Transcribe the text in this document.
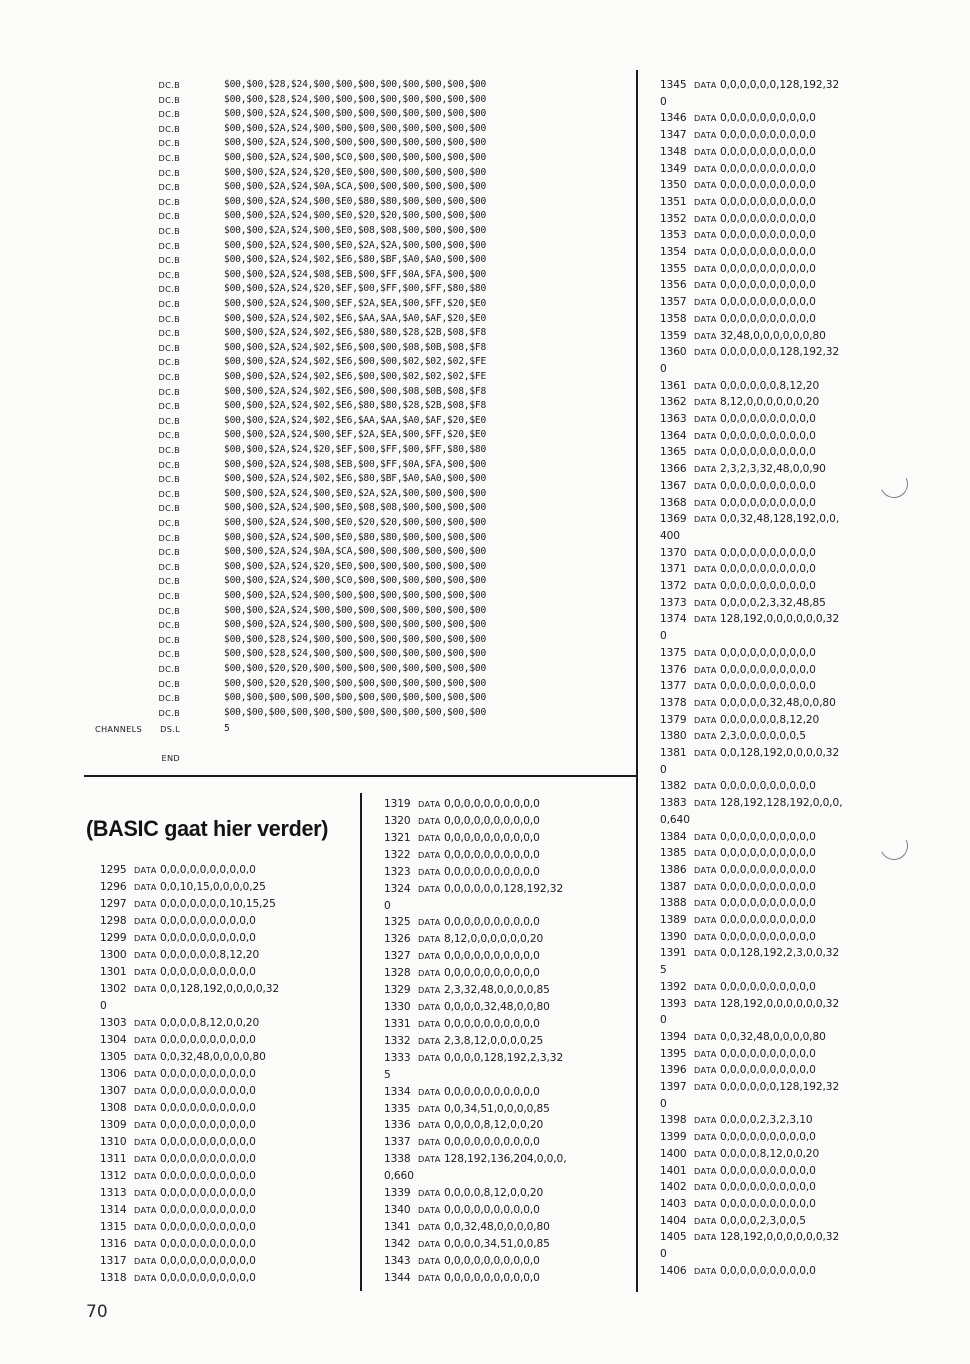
DC.B	$00,$00,$28,$24,$00,$00,$00,$00,$00,$00,$00,$00
DC.B	$00,$00,$28,$24,$00,$00,$00,$00,$00,$00,$00,$00
DC.B	$00,$00,$2A,$24,$00,$00,$00,$00,$00,$00,$00,$00
DC.B	$00,$00,$2A,$24,$00,$00,$00,$00,$00,$00,$00,$00
DC.B	$00,$00,$2A,$24,$00,$00,$00,$00,$00,$00,$00,$00
DC.B	$00,$00,$2A,$24,$00,$C0,$00,$00,$00,$00,$00,$00
DC.B	$00,$00,$2A,$24,$20,$E0,$00,$00,$00,$00,$00,$00
DC.B	$00,$00,$2A,$24,$0A,$CA,$00,$00,$00,$00,$00,$00
DC.B	$00,$00,$2A,$24,$00,$E0,$80,$80,$00,$00,$00,$00
DC.B	$00,$00,$2A,$24,$00,$E0,$20,$20,$00,$00,$00,$00
DC.B	$00,$00,$2A,$24,$00,$E0,$08,$08,$00,$00,$00,$00
DC.B	$00,$00,$2A,$24,$00,$E0,$2A,$2A,$00,$00,$00,$00
DC.B	$00,$00,$2A,$24,$02,$E6,$80,$BF,$A0,$A0,$00,$00
DC.B	$00,$00,$2A,$24,$08,$EB,$00,$FF,$0A,$FA,$00,$00
DC.B	$00,$00,$2A,$24,$20,$EF,$00,$FF,$00,$FF,$80,$80
DC.B	$00,$00,$2A,$24,$00,$EF,$2A,$EA,$00,$FF,$20,$E0
DC.B	$00,$00,$2A,$24,$02,$E6,$AA,$AA,$A0,$AF,$20,$E0
DC.B	$00,$00,$2A,$24,$02,$E6,$80,$80,$28,$2B,$08,$F8
DC.B	$00,$00,$2A,$24,$02,$E6,$00,$00,$08,$0B,$08,$F8
DC.B	$00,$00,$2A,$24,$02,$E6,$00,$00,$02,$02,$02,$FE
DC.B	$00,$00,$2A,$24,$02,$E6,$00,$00,$02,$02,$02,$FE
DC.B	$00,$00,$2A,$24,$02,$E6,$00,$00,$08,$0B,$08,$F8
DC.B	$00,$00,$2A,$24,$02,$E6,$80,$80,$28,$2B,$08,$F8
DC.B	$00,$00,$2A,$24,$02,$E6,$AA,$AA,$A0,$AF,$20,$E0
DC.B	$00,$00,$2A,$24,$00,$EF,$2A,$EA,$00,$FF,$20,$E0
DC.B	$00,$00,$2A,$24,$20,$EF,$00,$FF,$00,$FF,$80,$80
DC.B	$00,$00,$2A,$24,$08,$EB,$00,$FF,$0A,$FA,$00,$00
DC.B	$00,$00,$2A,$24,$02,$E6,$80,$BF,$A0,$A0,$00,$00
DC.B	$00,$00,$2A,$24,$00,$E0,$2A,$2A,$00,$00,$00,$00
DC.B	$00,$00,$2A,$24,$00,$E0,$08,$08,$00,$00,$00,$00
DC.B	$00,$00,$2A,$24,$00,$E0,$20,$20,$00,$00,$00,$00
DC.B	$00,$00,$2A,$24,$00,$E0,$80,$80,$00,$00,$00,$00
DC.B	$00,$00,$2A,$24,$0A,$CA,$00,$00,$00,$00,$00,$00
DC.B	$00,$00,$2A,$24,$20,$E0,$00,$00,$00,$00,$00,$00
DC.B	$00,$00,$2A,$24,$00,$C0,$00,$00,$00,$00,$00,$00
DC.B	$00,$00,$2A,$24,$00,$00,$00,$00,$00,$00,$00,$00
DC.B	$00,$00,$2A,$24,$00,$00,$00,$00,$00,$00,$00,$00
DC.B	$00,$00,$2A,$24,$00,$00,$00,$00,$00,$00,$00,$00
DC.B	$00,$00,$28,$24,$00,$00,$00,$00,$00,$00,$00,$00
DC.B	$00,$00,$28,$24,$00,$00,$00,$00,$00,$00,$00,$00
DC.B	$00,$00,$20,$20,$00,$00,$00,$00,$00,$00,$00,$00
DC.B	$00,$00,$20,$20,$00,$00,$00,$00,$00,$00,$00,$00
DC.B	$00,$00,$00,$00,$00,$00,$00,$00,$00,$00,$00,$00
DC.B	$00,$00,$00,$00,$00,$00,$00,$00,$00,$00,$00,$00
CHANNELS	DS.L	5
END
(BASIC gaat hier verder)
70
1295 DATA 0,0,0,0,0,0,0,0,0,0
1296 DATA 0,0,10,15,0,0,0,0,25
1297 DATA 0,0,0,0,0,0,0,10,15,25
1298 DATA 0,0,0,0,0,0,0,0,0,0
1299 DATA 0,0,0,0,0,0,0,0,0,0
1300 DATA 0,0,0,0,0,0,8,12,20
1301 DATA 0,0,0,0,0,0,0,0,0,0
1302 DATA 0,0,128,192,0,0,0,0,32
0
1303 DATA 0,0,0,0,8,12,0,0,20
1304 DATA 0,0,0,0,0,0,0,0,0,0
1305 DATA 0,0,32,48,0,0,0,0,80
1306 DATA 0,0,0,0,0,0,0,0,0,0
1307 DATA 0,0,0,0,0,0,0,0,0,0
1308 DATA 0,0,0,0,0,0,0,0,0,0
1309 DATA 0,0,0,0,0,0,0,0,0,0
1310 DATA 0,0,0,0,0,0,0,0,0,0
1311 DATA 0,0,0,0,0,0,0,0,0,0
1312 DATA 0,0,0,0,0,0,0,0,0,0
1313 DATA 0,0,0,0,0,0,0,0,0,0
1314 DATA 0,0,0,0,0,0,0,0,0,0
1315 DATA 0,0,0,0,0,0,0,0,0,0
1316 DATA 0,0,0,0,0,0,0,0,0,0
1317 DATA 0,0,0,0,0,0,0,0,0,0
1318 DATA 0,0,0,0,0,0,0,0,0,0
1319 DATA 0,0,0,0,0,0,0,0,0,0
1320 DATA 0,0,0,0,0,0,0,0,0,0
1321 DATA 0,0,0,0,0,0,0,0,0,0
1322 DATA 0,0,0,0,0,0,0,0,0,0
1323 DATA 0,0,0,0,0,0,0,0,0,0
1324 DATA 0,0,0,0,0,0,128,192,32
0
1325 DATA 0,0,0,0,0,0,0,0,0,0
1326 DATA 8,12,0,0,0,0,0,0,20
1327 DATA 0,0,0,0,0,0,0,0,0,0
1328 DATA 0,0,0,0,0,0,0,0,0,0
1329 DATA 2,3,32,48,0,0,0,0,85
1330 DATA 0,0,0,0,32,48,0,0,80
1331 DATA 0,0,0,0,0,0,0,0,0,0
1332 DATA 2,3,8,12,0,0,0,0,25
1333 DATA 0,0,0,0,128,192,2,3,32
5
1334 DATA 0,0,0,0,0,0,0,0,0,0
1335 DATA 0,0,34,51,0,0,0,0,85
1336 DATA 0,0,0,0,8,12,0,0,20
1337 DATA 0,0,0,0,0,0,0,0,0,0
1338 DATA 128,192,136,204,0,0,0,
0,660
1339 DATA 0,0,0,0,8,12,0,0,20
1340 DATA 0,0,0,0,0,0,0,0,0,0
1341 DATA 0,0,32,48,0,0,0,0,80
1342 DATA 0,0,0,0,34,51,0,0,85
1343 DATA 0,0,0,0,0,0,0,0,0,0
1344 DATA 0,0,0,0,0,0,0,0,0,0
1345 DATA 0,0,0,0,0,0,128,192,32
0
1346 DATA 0,0,0,0,0,0,0,0,0,0
1347 DATA 0,0,0,0,0,0,0,0,0,0
1348 DATA 0,0,0,0,0,0,0,0,0,0
1349 DATA 0,0,0,0,0,0,0,0,0,0
1350 DATA 0,0,0,0,0,0,0,0,0,0
1351 DATA 0,0,0,0,0,0,0,0,0,0
1352 DATA 0,0,0,0,0,0,0,0,0,0
1353 DATA 0,0,0,0,0,0,0,0,0,0
1354 DATA 0,0,0,0,0,0,0,0,0,0
1355 DATA 0,0,0,0,0,0,0,0,0,0
1356 DATA 0,0,0,0,0,0,0,0,0,0
1357 DATA 0,0,0,0,0,0,0,0,0,0
1358 DATA 0,0,0,0,0,0,0,0,0,0
1359 DATA 32,48,0,0,0,0,0,0,80
1360 DATA 0,0,0,0,0,0,128,192,32
0
1361 DATA 0,0,0,0,0,0,8,12,20
1362 DATA 8,12,0,0,0,0,0,0,20
1363 DATA 0,0,0,0,0,0,0,0,0,0
1364 DATA 0,0,0,0,0,0,0,0,0,0
1365 DATA 0,0,0,0,0,0,0,0,0,0
1366 DATA 2,3,2,3,32,48,0,0,90
1367 DATA 0,0,0,0,0,0,0,0,0,0
1368 DATA 0,0,0,0,0,0,0,0,0,0
1369 DATA 0,0,32,48,128,192,0,0,
400
1370 DATA 0,0,0,0,0,0,0,0,0,0
1371 DATA 0,0,0,0,0,0,0,0,0,0
1372 DATA 0,0,0,0,0,0,0,0,0,0
1373 DATA 0,0,0,0,2,3,32,48,85
1374 DATA 128,192,0,0,0,0,0,0,32
0
1375 DATA 0,0,0,0,0,0,0,0,0,0
1376 DATA 0,0,0,0,0,0,0,0,0,0
1377 DATA 0,0,0,0,0,0,0,0,0,0
1378 DATA 0,0,0,0,0,32,48,0,0,80
1379 DATA 0,0,0,0,0,0,8,12,20
1380 DATA 2,3,0,0,0,0,0,0,5
1381 DATA 0,0,128,192,0,0,0,0,32
0
1382 DATA 0,0,0,0,0,0,0,0,0,0
1383 DATA 128,192,128,192,0,0,0,
0,640
1384 DATA 0,0,0,0,0,0,0,0,0,0
1385 DATA 0,0,0,0,0,0,0,0,0,0
1386 DATA 0,0,0,0,0,0,0,0,0,0
1387 DATA 0,0,0,0,0,0,0,0,0,0
1388 DATA 0,0,0,0,0,0,0,0,0,0
1389 DATA 0,0,0,0,0,0,0,0,0,0
1390 DATA 0,0,0,0,0,0,0,0,0,0
1391 DATA 0,0,128,192,2,3,0,0,32
5
1392 DATA 0,0,0,0,0,0,0,0,0,0
1393 DATA 128,192,0,0,0,0,0,0,32
0
1394 DATA 0,0,32,48,0,0,0,0,80
1395 DATA 0,0,0,0,0,0,0,0,0,0
1396 DATA 0,0,0,0,0,0,0,0,0,0
1397 DATA 0,0,0,0,0,0,128,192,32
0
1398 DATA 0,0,0,0,2,3,2,3,10
1399 DATA 0,0,0,0,0,0,0,0,0,0
1400 DATA 0,0,0,0,8,12,0,0,20
1401 DATA 0,0,0,0,0,0,0,0,0,0
1402 DATA 0,0,0,0,0,0,0,0,0,0
1403 DATA 0,0,0,0,0,0,0,0,0,0
1404 DATA 0,0,0,0,2,3,0,0,5
1405 DATA 128,192,0,0,0,0,0,0,32
0
1406 DATA 0,0,0,0,0,0,0,0,0,0
